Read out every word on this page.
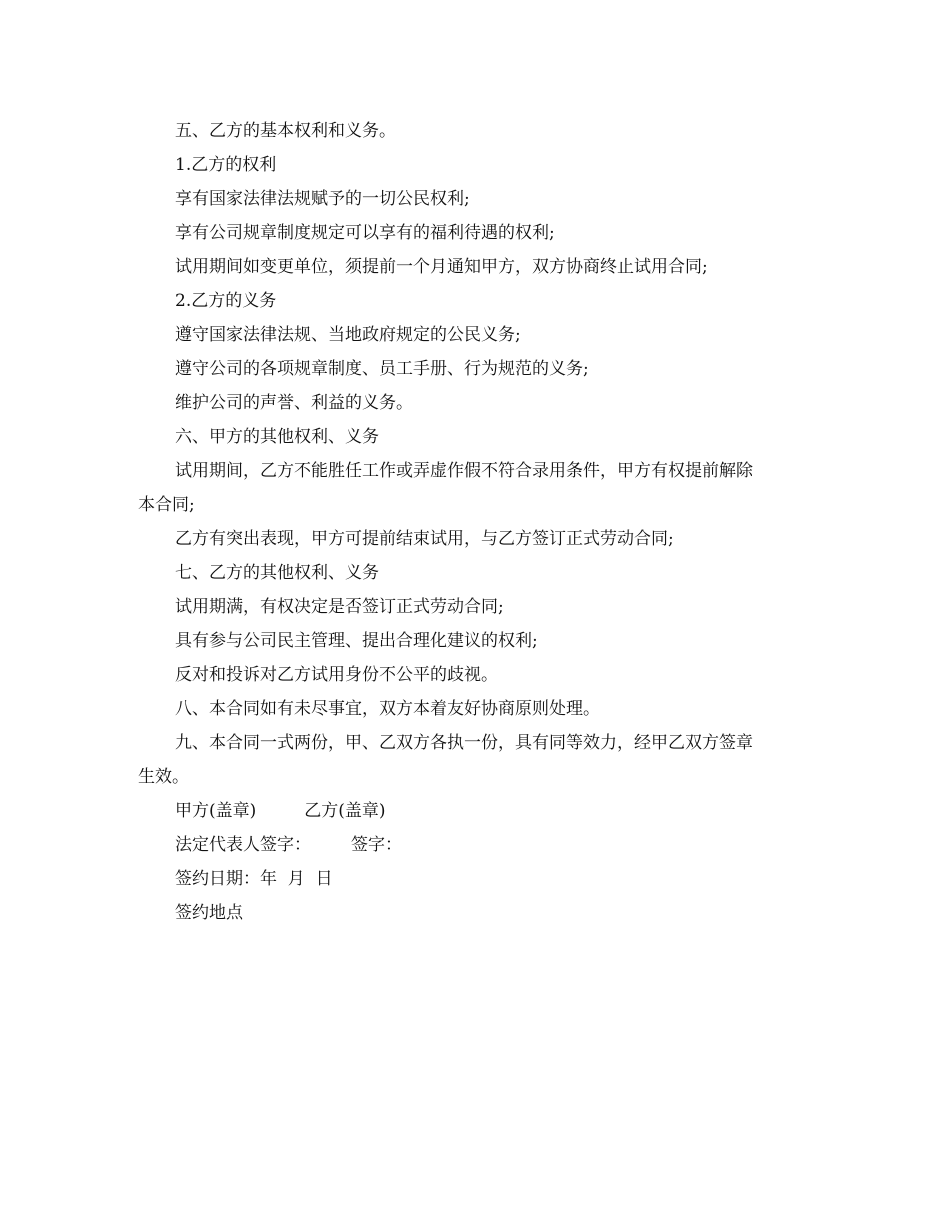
五、乙方的基本权利和义务。
1.乙方的权利
享有国家法律法规赋予的一切公民权利;
享有公司规章制度规定可以享有的福利待遇的权利;
试用期间如变更单位，须提前一个月通知甲方，双方协商终止试用合同;
2.乙方的义务
遵守国家法律法规、当地政府规定的公民义务;
遵守公司的各项规章制度、员工手册、行为规范的义务;
维护公司的声誉、利益的义务。
六、甲方的其他权利、义务
试用期间，乙方不能胜任工作或弄虚作假不符合录用条件，甲方有权提前解除
本合同;
乙方有突出表现，甲方可提前结束试用，与乙方签订正式劳动合同;
七、乙方的其他权利、义务
试用期满，有权决定是否签订正式劳动合同;
具有参与公司民主管理、提出合理化建议的权利;
反对和投诉对乙方试用身份不公平的歧视。
八、本合同如有未尽事宜，双方本着友好协商原则处理。
九、本合同一式两份，甲、乙双方各执一份，具有同等效力，经甲乙双方签章
生效。
甲方(盖章)	乙方(盖章)
法定代表人签字： 签字：
签约日期：年  月  日
签约地点
